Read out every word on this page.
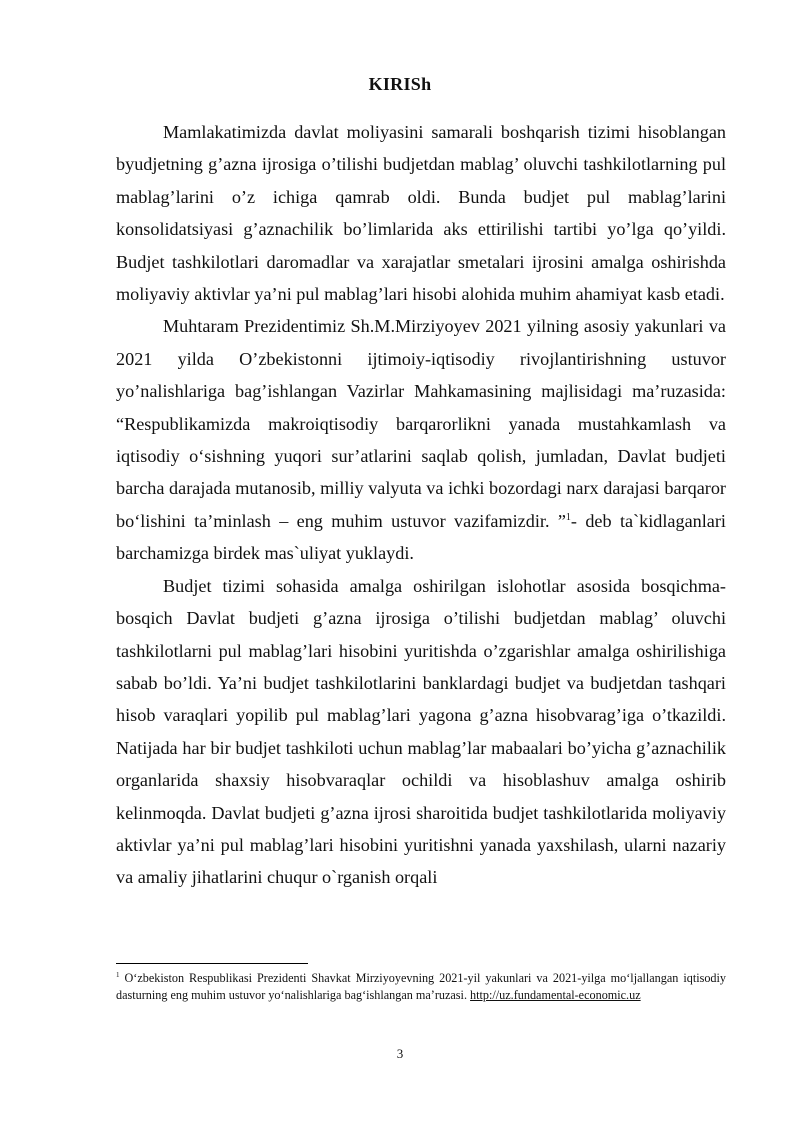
KIRISh

Mamlakatimizda davlat moliyasini samarali boshqarish tizimi hisoblangan byudjetning g’azna ijrosiga o’tilishi budjetdan mablag’ oluvchi tashkilotlarning pul mablag’larini o’z ichiga qamrab oldi. Bunda budjet pul mablag’larini konsolidatsiyasi g’aznachilik bo’limlarida aks ettirilishi tartibi yo’lga qo’yildi. Budjet tashkilotlari daromadlar va xarajatlar smetalari ijrosini amalga oshirishda moliyaviy aktivlar ya’ni pul mablag’lari hisobi alohida muhim ahamiyat kasb etadi.

Muhtaram Prezidentimiz Sh.M.Mirziyoyev 2021 yilning asosiy yakunlari va 2021 yilda O’zbekistonni ijtimoiy-iqtisodiy rivojlantirishning ustuvor yo’nalishlariga bag’ishlangan Vazirlar Mahkamasining majlisidagi ma’ruzasida: “Respublikamizda makroiqtisodiy barqarorlikni yanada mustahkamlash va iqtisodiy o‘sishning yuqori sur’atlarini saqlab qolish, jumladan, Davlat budjeti barcha darajada mutanosib, milliy valyuta va ichki bozordagi narx darajasi barqaror bo‘lishini ta’minlash – eng muhim ustuvor vazifamizdir. ”$^1$- deb ta`kidlaganlari barchamizga birdek mas`uliyat yuklaydi.

Budjet tizimi sohasida amalga oshirilgan islohotlar asosida bosqichma-bosqich Davlat budjeti g’azna ijrosiga o’tilishi budjetdan mablag’ oluvchi tashkilotlarni pul mablag’lari hisobini yuritishda o’zgarishlar amalga oshirilishiga sabab bo’ldi. Ya’ni budjet tashkilotlarini banklardagi budjet va budjetdan tashqari hisob varaqlari yopilib pul mablag’lari yagona g’azna hisobvarag’iga o’tkazildi. Natijada har bir budjet tashkiloti uchun mablag’lar mabaalari bo’yicha g’aznachilik organlarida shaxsiy hisobvaraqlar ochildi va hisoblashuv amalga oshirib kelinmoqda. Davlat budjeti g’azna ijrosi sharoitida budjet tashkilotlarida moliyaviy aktivlar ya’ni pul mablag’lari hisobini yuritishni yanada yaxshilash, ularni nazariy va amaliy jihatlarini chuqur o`rganish orqali

$^1$ O‘zbekiston Respublikasi Prezidenti Shavkat Mirziyoyevning 2021-yil yakunlari va 2021-yilga mo‘ljallangan iqtisodiy dasturning eng muhim ustuvor yo‘nalishlariga bag‘ishlangan ma’ruzasi. http://uz.fundamental-economic.uz
3
